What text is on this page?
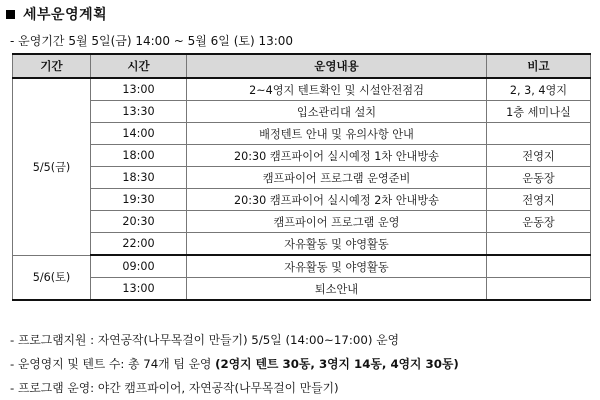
세부운영계획
- 운영기간 5월 5일(금) 14:00 ~ 5월 6일 (토) 13:00
기간	시간	운영내용	비고
5/5(금)	13:00	2~4영지 텐트확인 및 시설안전점검	2, 3, 4영지
	13:30	입소관리대 설치	1층 세미나실
	14:00	배정텐트 안내 및 유의사항 안내	
	18:00	20:30 캠프파이어 실시예정 1차 안내방송	전영지
	18:30	캠프파이어 프로그램 운영준비	운동장
	19:30	20:30 캠프파이어 실시예정 2차 안내방송	전영지
	20:30	캠프파이어 프로그램 운영	운동장
	22:00	자유활동 및 야영활동	
5/6(토)	09:00	자유활동 및 야영활동	
	13:00	퇴소안내	
- 프로그램지원 : 자연공작(나무목걸이 만들기) 5/5일 (14:00~17:00) 운영
- 운영영지 및 텐트 수: 총 74개 팀 운영 (2영지 텐트 30동, 3영지 14동, 4영지 30동)
- 프로그램 운영: 야간 캠프파이어, 자연공작(나무목걸이 만들기)
